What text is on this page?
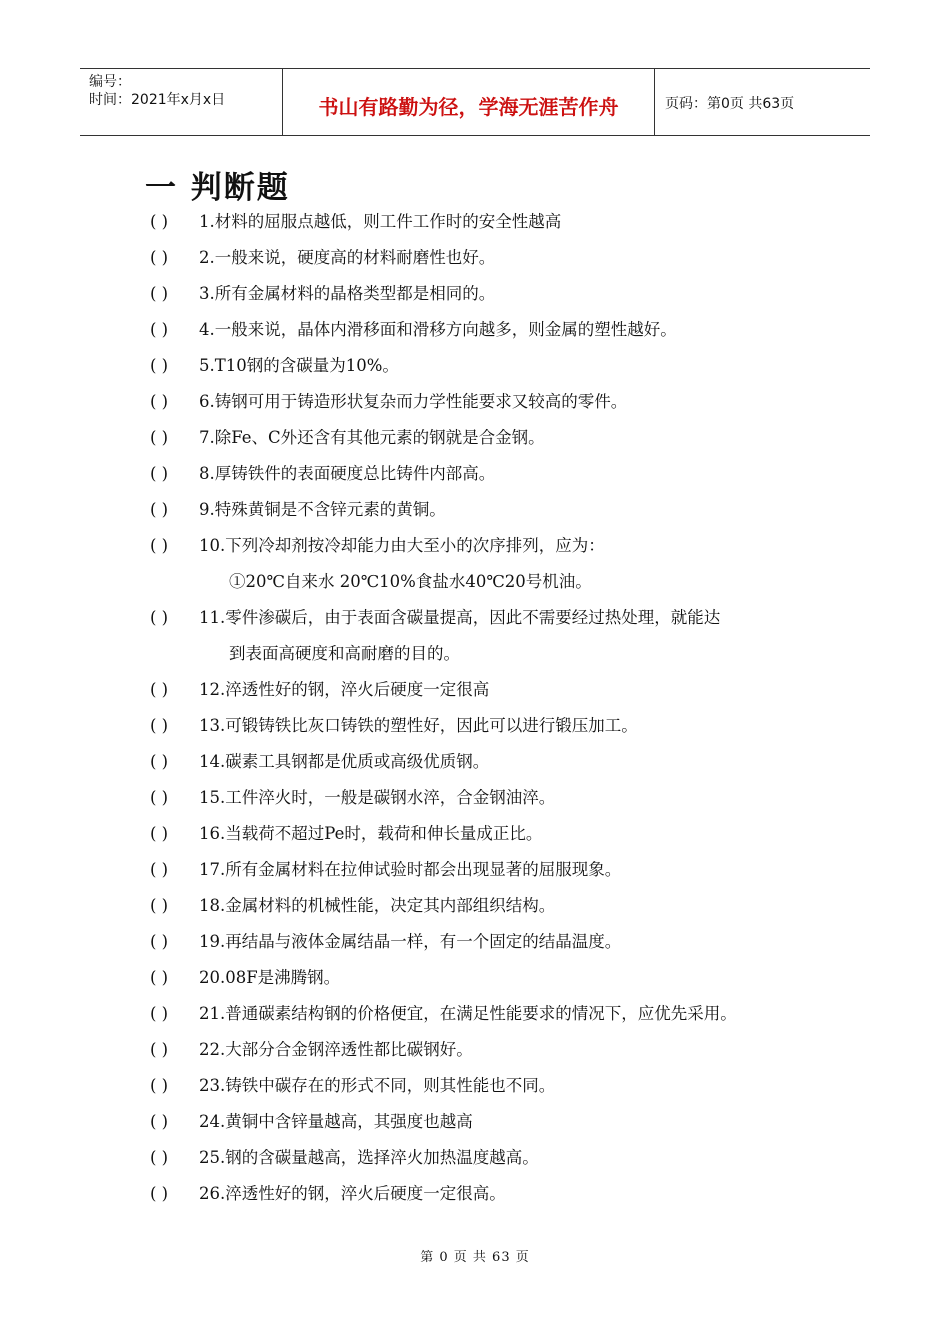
编号：
时间：2021年x月x日	书山有路勤为径，学海无涯苦作舟	页码：第0页 共63页
一 判断题
( ) 1.材料的屈服点越低，则工件工作时的安全性越高
( ) 2.一般来说，硬度高的材料耐磨性也好。
( ) 3.所有金属材料的晶格类型都是相同的。
( ) 4.一般来说，晶体内滑移面和滑移方向越多，则金属的塑性越好。
( ) 5.T10钢的含碳量为10%。
( ) 6.铸钢可用于铸造形状复杂而力学性能要求又较高的零件。
( ) 7.除Fe、C外还含有其他元素的钢就是合金钢。
( ) 8.厚铸铁件的表面硬度总比铸件内部高。
( ) 9.特殊黄铜是不含锌元素的黄铜。
( ) 10.下列冷却剂按冷却能力由大至小的次序排列，应为：
①20℃自来水 20℃10%食盐水40℃20号机油。
( ) 11.零件渗碳后，由于表面含碳量提高，因此不需要经过热处理，就能达
到表面高硬度和高耐磨的目的。
( ) 12.淬透性好的钢，淬火后硬度一定很高
( ) 13.可锻铸铁比灰口铸铁的塑性好，因此可以进行锻压加工。
( ) 14.碳素工具钢都是优质或高级优质钢。
( ) 15.工件淬火时，一般是碳钢水淬，合金钢油淬。
( ) 16.当载荷不超过Pe时，载荷和伸长量成正比。
( ) 17.所有金属材料在拉伸试验时都会出现显著的屈服现象。
( ) 18.金属材料的机械性能，决定其内部组织结构。
( ) 19.再结晶与液体金属结晶一样，有一个固定的结晶温度。
( ) 20.08F是沸腾钢。
( ) 21.普通碳素结构钢的价格便宜，在满足性能要求的情况下，应优先采用。
( ) 22.大部分合金钢淬透性都比碳钢好。
( ) 23.铸铁中碳存在的形式不同，则其性能也不同。
( ) 24.黄铜中含锌量越高，其强度也越高
( ) 25.钢的含碳量越高，选择淬火加热温度越高。
( ) 26.淬透性好的钢，淬火后硬度一定很高。
第 0 页 共 63 页
